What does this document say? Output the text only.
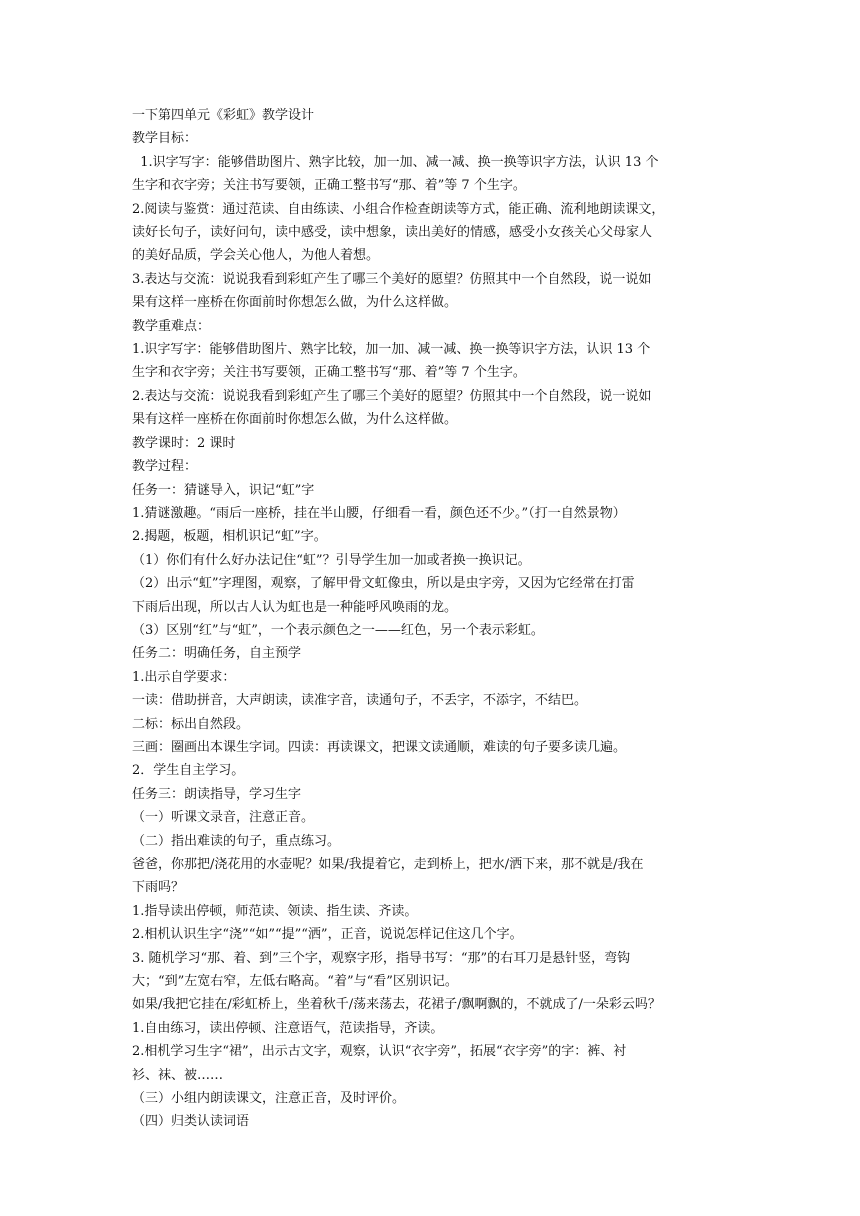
一下第四单元《彩虹》教学设计

教学目标：

1.识字写字：能够借助图片、熟字比较，加一加、减一减、换一换等识字方法，认识 13 个

生字和衣字旁；关注书写要领，正确工整书写“那、着”等 7 个生字。

2.阅读与鉴赏：通过范读、自由练读、小组合作检查朗读等方式，能正确、流利地朗读课文，

读好长句子，读好问句，读中感受，读中想象，读出美好的情感，感受小女孩关心父母家人

的美好品质，学会关心他人，为他人着想。

3.表达与交流：说说我看到彩虹产生了哪三个美好的愿望？仿照其中一个自然段，说一说如

果有这样一座桥在你面前时你想怎么做，为什么这样做。

教学重难点：

1.识字写字：能够借助图片、熟字比较，加一加、减一减、换一换等识字方法，认识 13 个

生字和衣字旁；关注书写要领，正确工整书写“那、着”等 7 个生字。

2.表达与交流：说说我看到彩虹产生了哪三个美好的愿望？仿照其中一个自然段，说一说如

果有这样一座桥在你面前时你想怎么做，为什么这样做。

教学课时：2 课时

教学过程：

任务一：猜谜导入，识记“虹”字

1.猜谜激趣。“雨后一座桥，挂在半山腰，仔细看一看，颜色还不少。”（打一自然景物）

2.揭题，板题，相机识记“虹”字。

（1）你们有什么好办法记住“虹”？引导学生加一加或者换一换识记。

（2）出示“虹”字理图，观察，了解甲骨文虹像虫，所以是虫字旁，又因为它经常在打雷

下雨后出现，所以古人认为虹也是一种能呼风唤雨的龙。

（3）区别“红”与“虹”，一个表示颜色之一——红色，另一个表示彩虹。

任务二：明确任务，自主预学

1.出示自学要求：

一读：借助拼音，大声朗读，读准字音，读通句子，不丢字，不添字，不结巴。

二标：标出自然段。

三画：圈画出本课生字词。四读：再读课文，把课文读通顺，难读的句子要多读几遍。

2．学生自主学习。

任务三：朗读指导，学习生字

（一）听课文录音，注意正音。

（二）指出难读的句子，重点练习。

爸爸，你那把/浇花用的水壶呢？如果/我提着它，走到桥上，把水/洒下来，那不就是/我在

下雨吗？

1.指导读出停顿，师范读、领读、指生读、齐读。

2.相机认识生字“浇”“如”“提”“洒”，正音，说说怎样记住这几个字。

3. 随机学习“那、着、到”三个字，观察字形，指导书写：“那”的右耳刀是悬针竖，弯钩

大；“到”左宽右窄，左低右略高。“着”与“看”区别识记。

如果/我把它挂在/彩虹桥上，坐着秋千/荡来荡去，花裙子/飘啊飘的，不就成了/一朵彩云吗？

1.自由练习，读出停顿、注意语气，范读指导，齐读。

2.相机学习生字“裙”，出示古文字，观察，认识“衣字旁”，拓展“衣字旁”的字：裤、衬

衫、袜、被……

（三）小组内朗读课文，注意正音，及时评价。

（四）归类认读词语
